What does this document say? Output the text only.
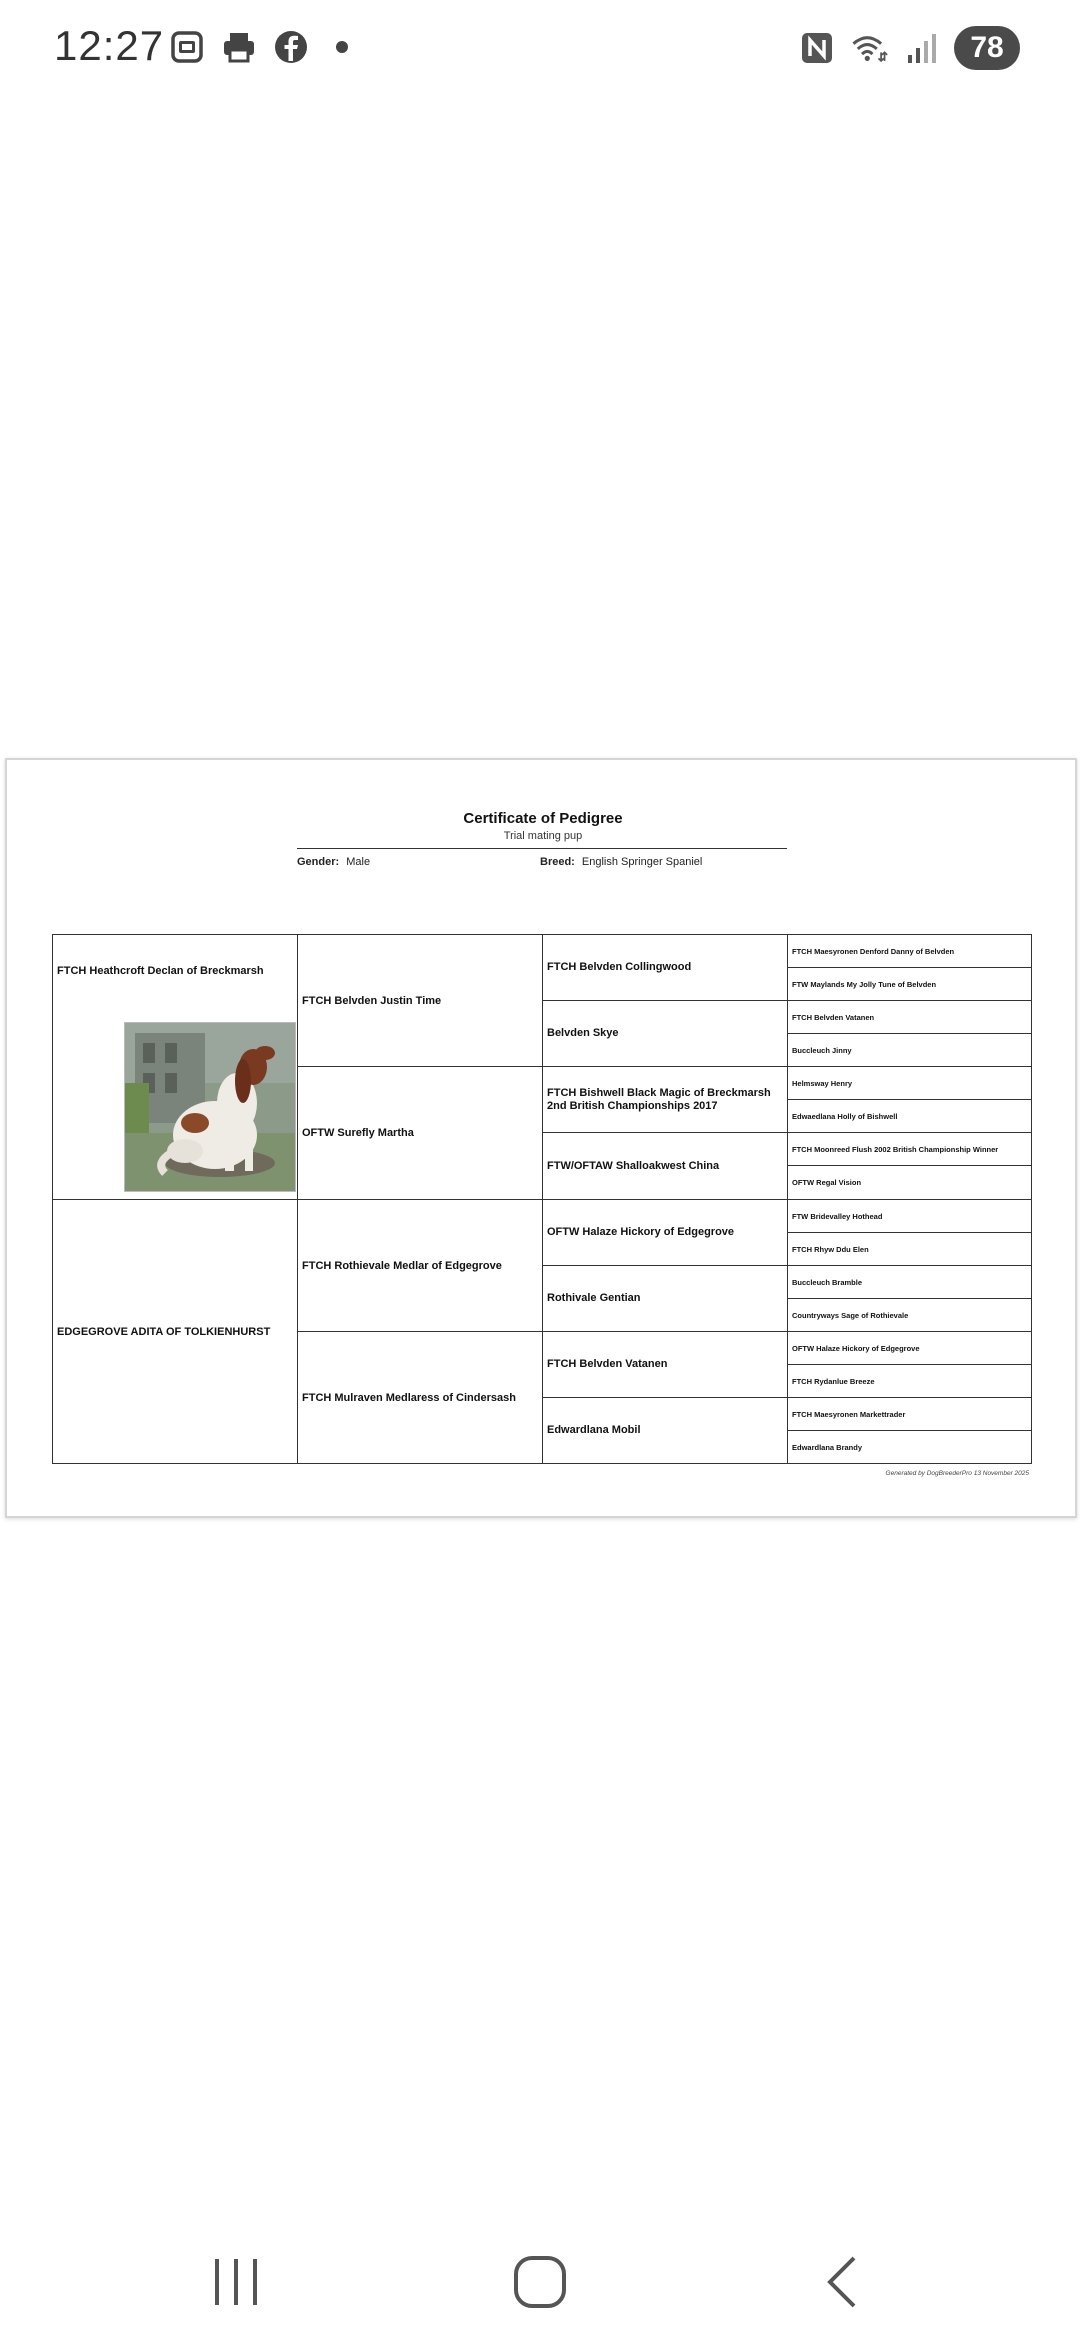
12:27	78
Certificate of Pedigree
Trial mating pup
Gender: Male	Breed: English Springer Spaniel
FTCH Heathcroft Declan of Breckmarsh
EDGEGROVE ADITA OF TOLKIENHURST
FTCH Belvden Justin Time
OFTW Surefly Martha
FTCH Rothievale Medlar of Edgegrove
FTCH Mulraven Medlaress of Cindersash
FTCH Belvden Collingwood
Belvden Skye
FTCH Bishwell Black Magic of Breckmarsh 2nd British Championships 2017
FTW/OFTAW Shalloakwest China
OFTW Halaze Hickory of Edgegrove
Rothivale Gentian
FTCH Belvden Vatanen
Edwardlana Mobil
FTCH Maesyronen Denford Danny of Belvden
FTW Maylands My Jolly Tune of Belvden
FTCH Belvden Vatanen
Buccleuch Jinny
Helmsway Henry
Edwaedlana Holly of Bishwell
FTCH Moonreed Flush 2002 British Championship Winner
OFTW Regal Vision
FTW Bridevalley Hothead
FTCH Rhyw Ddu Elen
Buccleuch Bramble
Countryways Sage of Rothievale
OFTW Halaze Hickory of Edgegrove
FTCH Rydanlue Breeze
FTCH Maesyronen Markettrader
Edwardlana Brandy
Generated by DogBreederPro 13 November 2025
